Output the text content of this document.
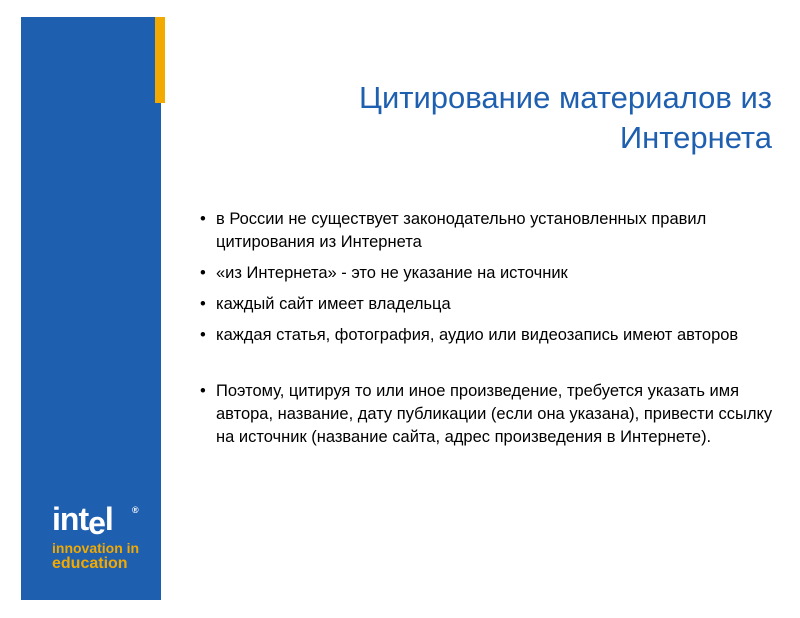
intel ®
innovation in
education
Цитирование материалов из
Интернета
• в России не существует законодательно установленных правил цитирования из Интернета
• «из Интернета» - это не указание на источник
• каждый сайт имеет владельца
• каждая статья, фотография, аудио или видеозапись имеют авторов
• Поэтому, цитируя то или иное произведение, требуется указать имя автора, название, дату публикации (если она указана), привести ссылку на источник (название сайта, адрес произведения в Интернете).
